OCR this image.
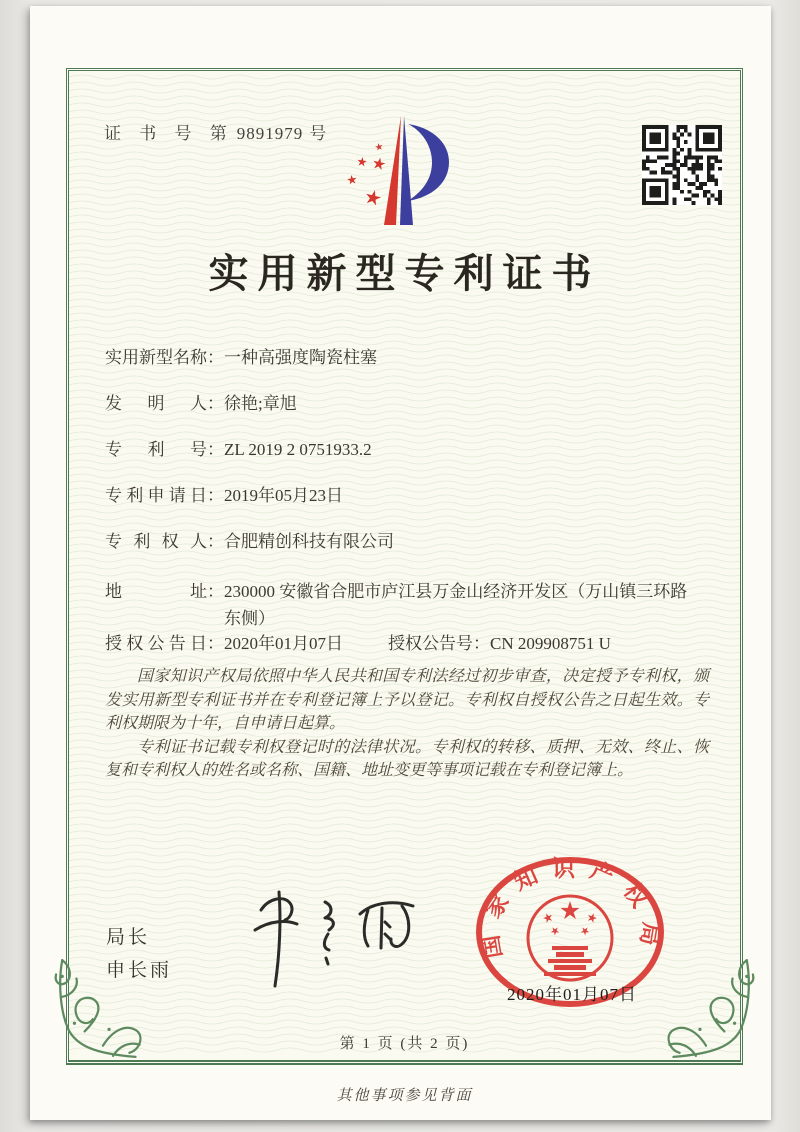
证 书 号 第 9891979 号
实用新型专利证书
实用新型名称 ： 一种高强度陶瓷柱塞
发明人 ： 徐艳;章旭
专利号 ： ZL 2019 2 0751933.2
专利申请日 ： 2019年05月23日
专利权人 ： 合肥精创科技有限公司
地址 ： 230000 安徽省合肥市庐江县万金山经济开发区（万山镇三环路东侧）
授权公告日 ： 2020年01月07日	授权公告号 ： CN 209908751 U

国家知识产权局依照中华人民共和国专利法经过初步审查，决定授予专利权，颁发实用新型专利证书并在专利登记簿上予以登记。专利权自授权公告之日起生效。专利权期限为十年，自申请日起算。

专利证书记载专利权登记时的法律状况。专利权的转移、质押、无效、终止、恢复和专利权人的姓名或名称、国籍、地址变更等事项记载在专利登记簿上。

局长
申长雨
国家知识产权局
2020年01月07日
第 1 页 (共 2 页)
其他事项参见背面
